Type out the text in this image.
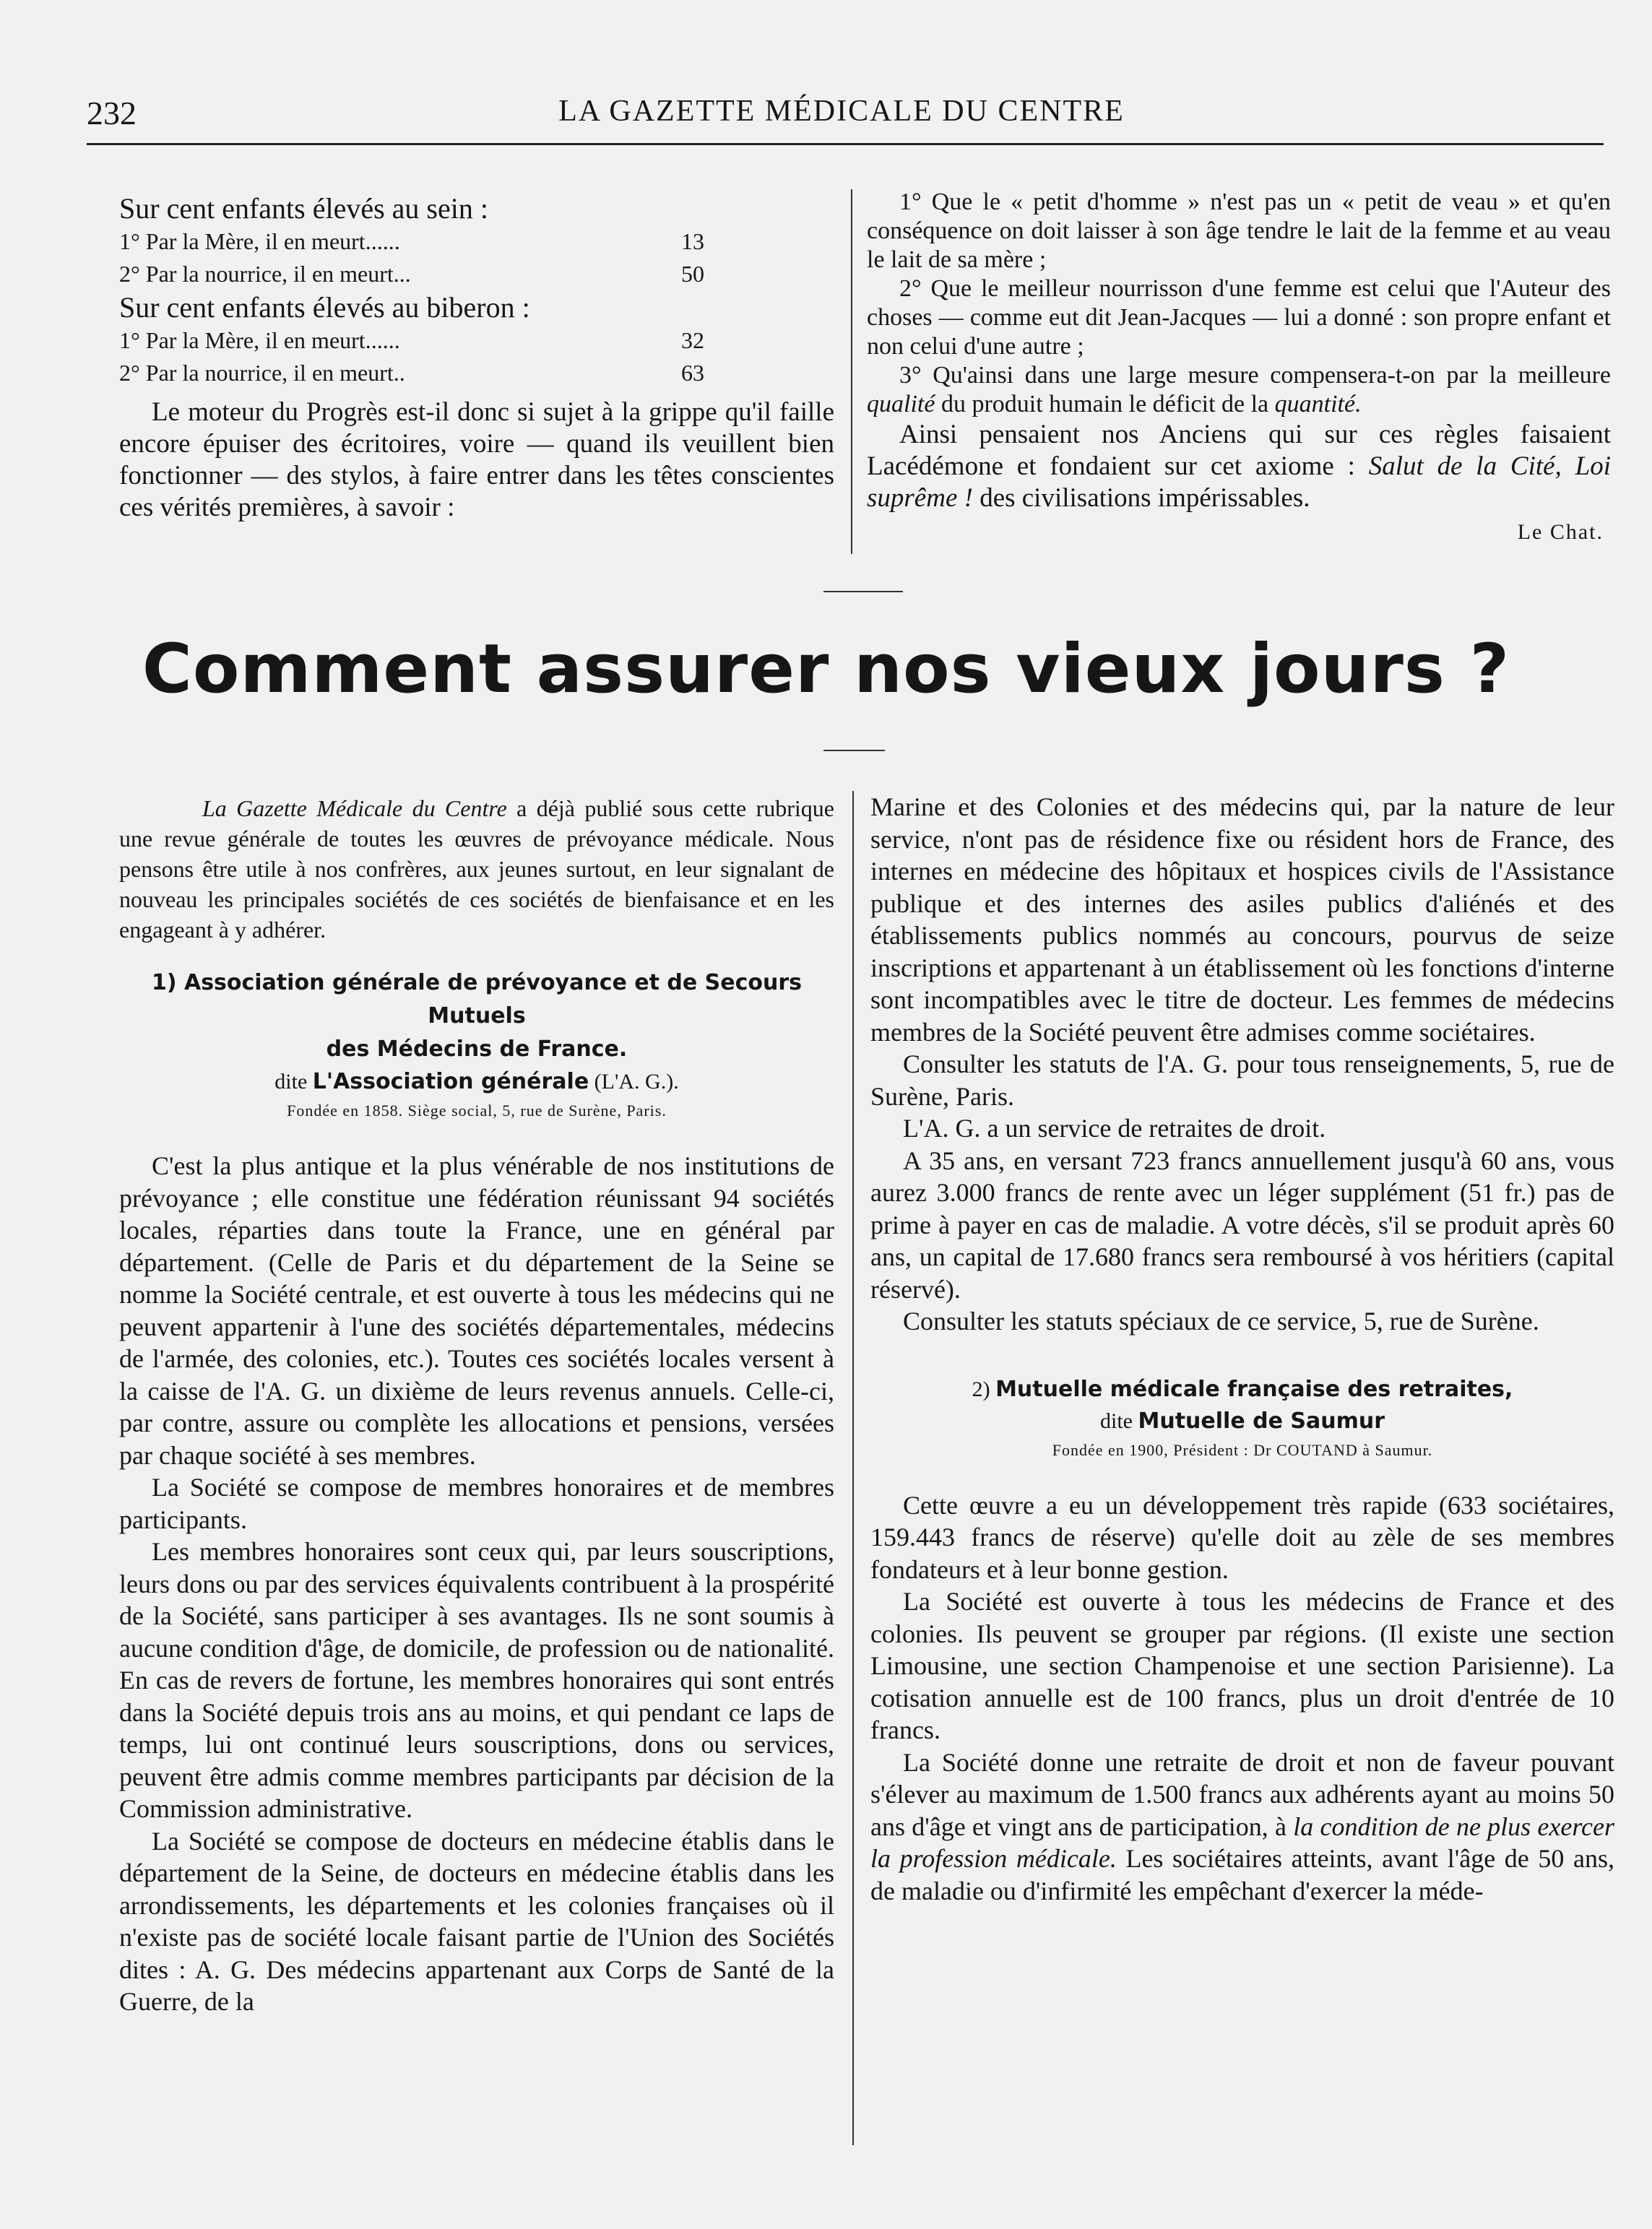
232	LA GAZETTE MÉDICALE DU CENTRE

Sur cent enfants élevés au sein :

1° Par la Mère, il en meurt......	13
2° Par la nourrice, il en meurt...	50

Sur cent enfants élevés au biberon :

1° Par la Mère, il en meurt......	32
2° Par la nourrice, il en meurt..	63

Le moteur du Progrès est-il donc si sujet à la grippe qu'il faille encore épuiser des écritoires, voire — quand ils veuillent bien fonctionner — des stylos, à faire entrer dans les têtes conscientes ces vérités premières, à savoir :

1° Que le « petit d'homme » n'est pas un « petit de veau » et qu'en conséquence on doit laisser à son âge tendre le lait de la femme et au veau le lait de sa mère ;

2° Que le meilleur nourrisson d'une femme est celui que l'Auteur des choses — comme eut dit Jean-Jacques — lui a donné : son propre enfant et non celui d'une autre ;

3° Qu'ainsi dans une large mesure compensera-t-on par la meilleure qualité du produit humain le déficit de la quantité.

Ainsi pensaient nos Anciens qui sur ces règles faisaient Lacédémone et fondaient sur cet axiome : Salut de la Cité, Loi suprême ! des civilisations impérissables.

Le Chat.
Comment assurer nos vieux jours ?

La Gazette Médicale du Centre a déjà publié sous cette rubrique une revue générale de toutes les œuvres de prévoyance médicale. Nous pensons être utile à nos confrères, aux jeunes surtout, en leur signalant de nouveau les principales sociétés de ces sociétés de bienfaisance et en les engageant à y adhérer.

1) Association générale de prévoyance et de Secours Mutuels

des Médecins de France.

dite L'Association générale (L'A. G.).

Fondée en 1858. Siège social, 5, rue de Surène, Paris.

C'est la plus antique et la plus vénérable de nos institutions de prévoyance ; elle constitue une fédération réunissant 94 sociétés locales, réparties dans toute la France, une en général par département. (Celle de Paris et du département de la Seine se nomme la Société centrale, et est ouverte à tous les médecins qui ne peuvent appartenir à l'une des sociétés départementales, médecins de l'armée, des colonies, etc.). Toutes ces sociétés locales versent à la caisse de l'A. G. un dixième de leurs revenus annuels. Celle-ci, par contre, assure ou complète les allocations et pensions, versées par chaque société à ses membres.

La Société se compose de membres honoraires et de membres participants.

Les membres honoraires sont ceux qui, par leurs souscriptions, leurs dons ou par des services équivalents contribuent à la prospérité de la Société, sans participer à ses avantages. Ils ne sont soumis à aucune condition d'âge, de domicile, de profession ou de nationalité. En cas de revers de fortune, les membres honoraires qui sont entrés dans la Société depuis trois ans au moins, et qui pendant ce laps de temps, lui ont continué leurs souscriptions, dons ou services, peuvent être admis comme membres participants par décision de la Commission administrative.

La Société se compose de docteurs en médecine établis dans le département de la Seine, de docteurs en médecine établis dans les arrondissements, les départements et les colonies françaises où il n'existe pas de société locale faisant partie de l'Union des Sociétés dites : A. G. Des médecins appartenant aux Corps de Santé de la Guerre, de la

Marine et des Colonies et des médecins qui, par la nature de leur service, n'ont pas de résidence fixe ou résident hors de France, des internes en médecine des hôpitaux et hospices civils de l'Assistance publique et des internes des asiles publics d'aliénés et des établissements publics nommés au concours, pourvus de seize inscriptions et appartenant à un établissement où les fonctions d'interne sont incompatibles avec le titre de docteur. Les femmes de médecins membres de la Société peuvent être admises comme sociétaires.

Consulter les statuts de l'A. G. pour tous renseignements, 5, rue de Surène, Paris.

L'A. G. a un service de retraites de droit.

A 35 ans, en versant 723 francs annuellement jusqu'à 60 ans, vous aurez 3.000 francs de rente avec un léger supplément (51 fr.) pas de prime à payer en cas de maladie. A votre décès, s'il se produit après 60 ans, un capital de 17.680 francs sera remboursé à vos héritiers (capital réservé).

Consulter les statuts spéciaux de ce service, 5, rue de Surène.

2) Mutuelle médicale française des retraites,

dite Mutuelle de Saumur

Fondée en 1900, Président : Dr COUTAND à Saumur.

Cette œuvre a eu un développement très rapide (633 sociétaires, 159.443 francs de réserve) qu'elle doit au zèle de ses membres fondateurs et à leur bonne gestion.

La Société est ouverte à tous les médecins de France et des colonies. Ils peuvent se grouper par régions. (Il existe une section Limousine, une section Champenoise et une section Parisienne). La cotisation annuelle est de 100 francs, plus un droit d'entrée de 10 francs.

La Société donne une retraite de droit et non de faveur pouvant s'élever au maximum de 1.500 francs aux adhérents ayant au moins 50 ans d'âge et vingt ans de participation, à la condition de ne plus exercer la profession médicale. Les sociétaires atteints, avant l'âge de 50 ans, de maladie ou d'infirmité les empêchant d'exercer la méde-
